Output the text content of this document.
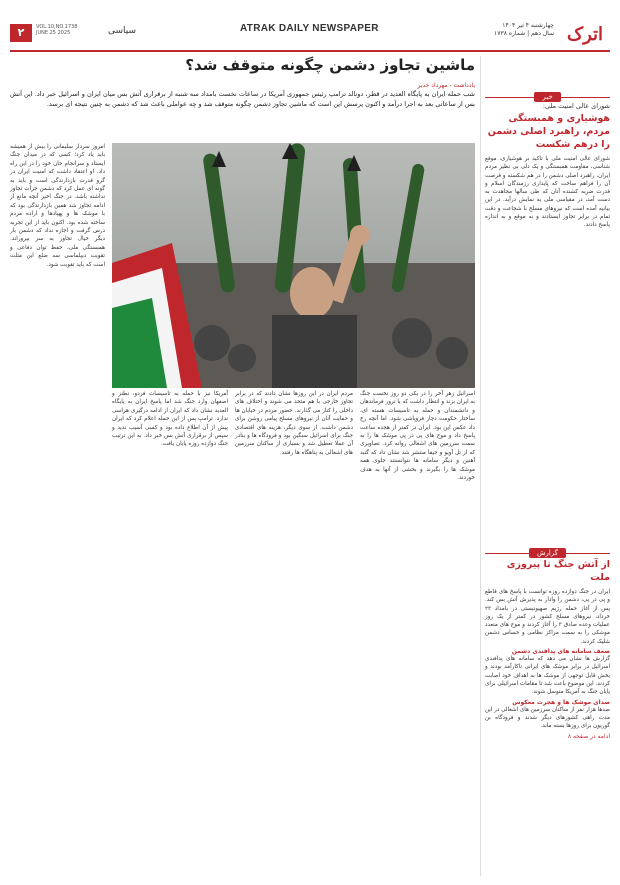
۲	VOL.10,NO.1738
JUNE 25 2025	سیاسی	ATRAK DAILY NEWSPAPER	چهارشنبه ۴ تیر ۱۴۰۴
سال دهم | شماره ۱۷۳۸ اترک
ماشین تجاوز دشمن چگونه متوقف شد؟
یادداشت - مهرداد خدیر
شب حمله ایران به پایگاه العدید در قطر، دونالد ترامپ رئیس جمهوری آمریکا در ساعات نخست بامداد سه شنبه از برقراری آتش بس میان ایران و اسرائیل خبر داد. این آتش بس از ساعاتی بعد به اجرا درآمد و اکنون پرسش این است که ماشین تجاوز دشمن چگونه متوقف شد و چه عواملی باعث شد که دشمن به چنین نتیجه ای برسد.
اسرائیل زهر آخر را در یکی دو روز نخست جنگ به ایران بزند و انتظار داشت که با ترور فرماندهان و دانشمندان و حمله به تاسیسات هسته ای، ساختار حکومت دچار فروپاشی شود. اما آنچه رخ داد عکس این بود. ایران در کمتر از هجده ساعت پاسخ داد و موج های پی در پی موشک ها را به سمت سرزمین های اشغالی روانه کرد. تصاویری که از تل آویو و حیفا منتشر شد نشان داد که گنبد آهنین و دیگر سامانه ها نتوانستند جلوی همه موشک ها را بگیرند و بخشی از آنها به هدف خوردند.
مردم ایران در این روزها نشان دادند که در برابر تجاوز خارجی با هم متحد می شوند و اختلاف های داخلی را کنار می گذارند. حضور مردم در خیابان ها و حمایت آنان از نیروهای مسلح پیامی روشن برای دشمن داشت. از سوی دیگر، هزینه های اقتصادی جنگ برای اسرائیل سنگین بود و فرودگاه ها و بنادر آن عملا تعطیل شد و بسیاری از ساکنان سرزمین های اشغالی به پناهگاه ها رفتند.
آمریکا نیز با حمله به تاسیسات فردو، نطنز و اصفهان وارد جنگ شد اما پاسخ ایران به پایگاه العدید نشان داد که ایران از ادامه درگیری هراسی ندارد. ترامپ پس از این حمله اعلام کرد که ایران پیش از آن اطلاع داده بود و کسی آسیب ندید و سپس از برقراری آتش بس خبر داد. به این ترتیب جنگ دوازده روزه پایان یافت.
امروز سردار سلیمانی را بیش از همیشه باید یاد کرد؛ کسی که در میدان جنگ ایستاد و سرانجام جان خود را در این راه داد. او اعتقاد داشت که امنیت ایران در گرو قدرت بازدارندگی است و باید به گونه ای عمل کرد که دشمن جرأت تجاوز نداشته باشد. در جنگ اخیر آنچه مانع از ادامه تجاوز شد همین بازدارندگی بود که با موشک ها و پهپادها و اراده مردم ساخته شده بود. اکنون باید از این تجربه درس گرفت و اجازه نداد که دشمن بار دیگر خیال تجاوز به سر بپروراند. همبستگی ملی، حفظ توان دفاعی و تقویت دیپلماسی سه ضلع این مثلث است که باید تقویت شود.
خبر
شورای عالی امنیت ملی:
هوشیاری و همبستگی مردم، راهبرد اصلی دشمن را درهم شکست
شورای عالی امنیت ملی با تاکید بر هوشیاری، موقع شناسی، مقاومت همبستگی و یک دلی بی نظیر مردم ایران، راهبرد اصلی دشمن را در هم شکسته و فرصت آن را فراهم ساخت که پایداری رزمندگان اسلام و قدرت ضربه کشنده آنان که طی سالها مجاهدت به دست آمد، در مقیاسی ملی به نمایش درآید. در این بیانیه آمده است که نیروهای مسلح با شجاعت و دقت تمام در برابر تجاوز ایستادند و به موقع و به اندازه پاسخ دادند.
گزارش
از آتش جنگ تا پیروزی ملت
ایران در جنگ دوازده روزه توانست با پاسخ های قاطع و پی در پی، دشمن را وادار به پذیرش آتش بس کند. پس از آغاز حمله رژیم صهیونیستی در بامداد ۲۳ خرداد، نیروهای مسلح کشور در کمتر از یک روز عملیات وعده صادق ۳ را آغاز کردند و موج های متعدد موشکی را به سمت مراکز نظامی و حساس دشمن شلیک کردند.
ضعف سامانه های پدافندی دشمن
گزارش ها نشان می دهد که سامانه های پدافندی اسرائیل در برابر موشک های ایرانی ناکارآمد بودند و بخش قابل توجهی از موشک ها به اهداف خود اصابت کردند. این موضوع باعث شد تا مقامات اسرائیلی برای پایان جنگ به آمریکا متوسل شوند.
صدای موشک ها و هجرت معکوس
صدها هزار نفر از ساکنان سرزمین های اشغالی در این مدت راهی کشورهای دیگر شدند و فرودگاه بن گوریون برای روزها بسته ماند.
ادامه در صفحه ۸
